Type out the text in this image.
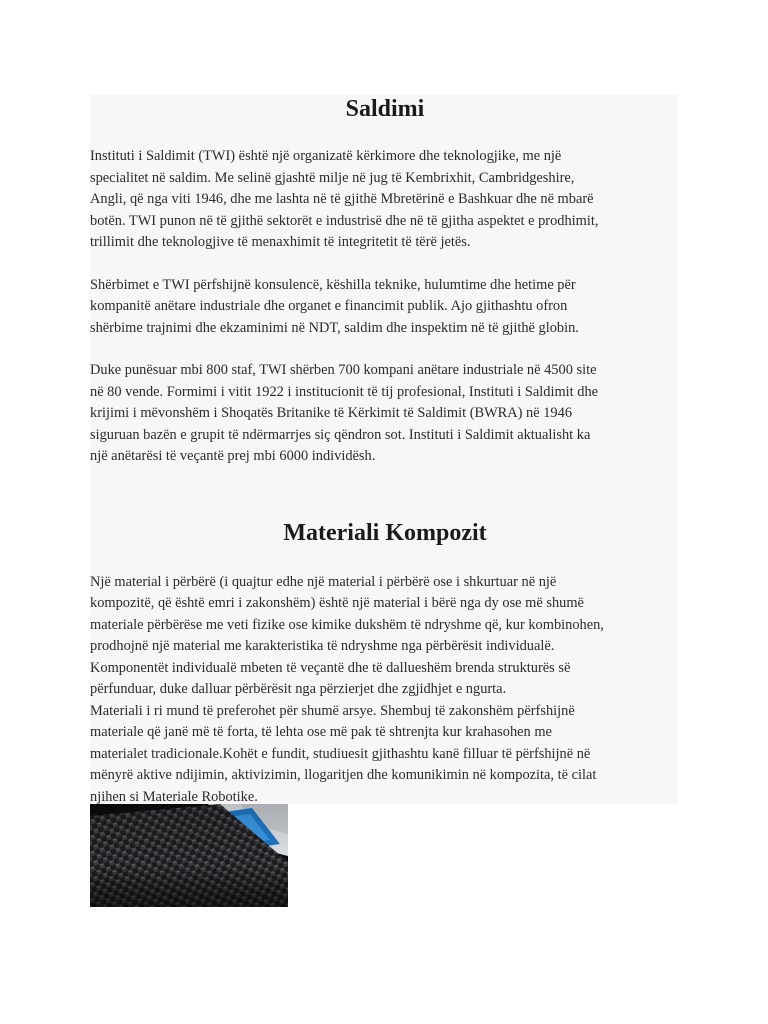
Saldimi

Instituti i Saldimit (TWI) është një organizatë kërkimore dhe teknologjike, me një

specialitet në saldim. Me selinë gjashtë milje në jug të Kembrixhit, Cambridgeshire,

Angli, që nga viti 1946, dhe me lashta në të gjithë Mbretërinë e Bashkuar dhe në mbarë

botën. TWI punon në të gjithë sektorët e industrisë dhe në të gjitha aspektet e prodhimit,

trillimit dhe teknologjive të menaxhimit të integritetit të tërë jetës.

Shërbimet e TWI përfshijnë konsulencë, këshilla teknike, hulumtime dhe hetime për

kompanitë anëtare industriale dhe organet e financimit publik. Ajo gjithashtu ofron

shërbime trajnimi dhe ekzaminimi në NDT, saldim dhe inspektim në të gjithë globin.

Duke punësuar mbi 800 staf, TWI shërben 700 kompani anëtare industriale në 4500 site

në 80 vende. Formimi i vitit 1922 i institucionit të tij profesional, Instituti i Saldimit dhe

krijimi i mëvonshëm i Shoqatës Britanike të Kërkimit të Saldimit (BWRA) në 1946

siguruan bazën e grupit të ndërmarrjes siç qëndron sot. Instituti i Saldimit aktualisht ka

një anëtarësi të veçantë prej mbi 6000 individësh.

Materiali Kompozit

Një material i përbërë (i quajtur edhe një material i përbërë ose i shkurtuar në një

kompozitë, që është emri i zakonshëm) është një material i bërë nga dy ose më shumë

materiale përbërëse me veti fizike ose kimike dukshëm të ndryshme që, kur kombinohen,

prodhojnë një material me karakteristika të ndryshme nga përbërësit individualë.

Komponentët individualë mbeten të veçantë dhe të dallueshëm brenda strukturës së

përfunduar, duke dalluar përbërësit nga përzierjet dhe zgjidhjet e ngurta.

Materiali i ri mund të preferohet për shumë arsye. Shembuj të zakonshëm përfshijnë

materiale që janë më të forta, të lehta ose më pak të shtrenjta kur krahasohen me

materialet tradicionale.Kohët e fundit, studiuesit gjithashtu kanë filluar të përfshijnë në

mënyrë aktive ndijimin, aktivizimin, llogaritjen dhe komunikimin në kompozita, të cilat

njihen si Materiale Robotike.
